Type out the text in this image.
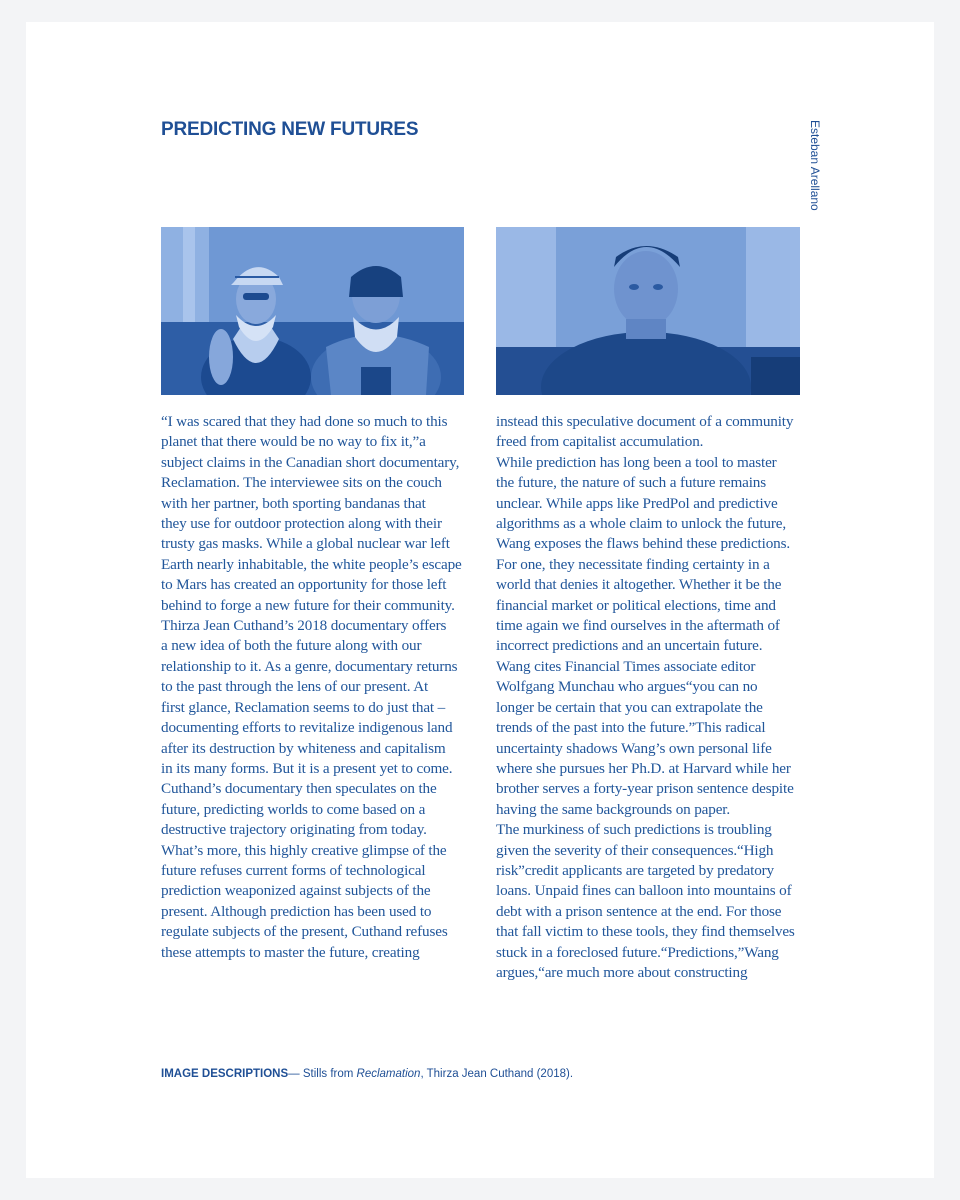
PREDICTING NEW FUTURES	Esteban Arellano
“I was scared that they had done so much to this
planet that there would be no way to fix it,”a
subject claims in the Canadian short documentary,
Reclamation. The interviewee sits on the couch
with her partner, both sporting bandanas that
they use for outdoor protection along with their
trusty gas masks. While a global nuclear war left
Earth nearly inhabitable, the white people’s escape
to Mars has created an opportunity for those left
behind to forge a new future for their community.
Thirza Jean Cuthand’s 2018 documentary offers
a new idea of both the future along with our
relationship to it. As a genre, documentary returns
to the past through the lens of our present. At
first glance, Reclamation seems to do just that –
documenting efforts to revitalize indigenous land
after its destruction by whiteness and capitalism
in its many forms. But it is a present yet to come.
Cuthand’s documentary then speculates on the
future, predicting worlds to come based on a
destructive trajectory originating from today.
What’s more, this highly creative glimpse of the
future refuses current forms of technological
prediction weaponized against subjects of the
present. Although prediction has been used to
regulate subjects of the present, Cuthand refuses
these attempts to master the future, creating
instead this speculative document of a community
freed from capitalist accumulation.
While prediction has long been a tool to master
the future, the nature of such a future remains
unclear. While apps like PredPol and predictive
algorithms as a whole claim to unlock the future,
Wang exposes the flaws behind these predictions.
For one, they necessitate finding certainty in a
world that denies it altogether. Whether it be the
financial market or political elections, time and
time again we find ourselves in the aftermath of
incorrect predictions and an uncertain future.
Wang cites Financial Times associate editor
Wolfgang Munchau who argues“you can no
longer be certain that you can extrapolate the
trends of the past into the future.”This radical
uncertainty shadows Wang’s own personal life
where she pursues her Ph.D. at Harvard while her
brother serves a forty-year prison sentence despite
having the same backgrounds on paper.
The murkiness of such predictions is troubling
given the severity of their consequences.“High
risk”credit applicants are targeted by predatory
loans. Unpaid fines can balloon into mountains of
debt with a prison sentence at the end. For those
that fall victim to these tools, they find themselves
stuck in a foreclosed future.“Predictions,”Wang
argues,“are much more about constructing
IMAGE DESCRIPTIONS— Stills from Reclamation, Thirza Jean Cuthand (2018).
